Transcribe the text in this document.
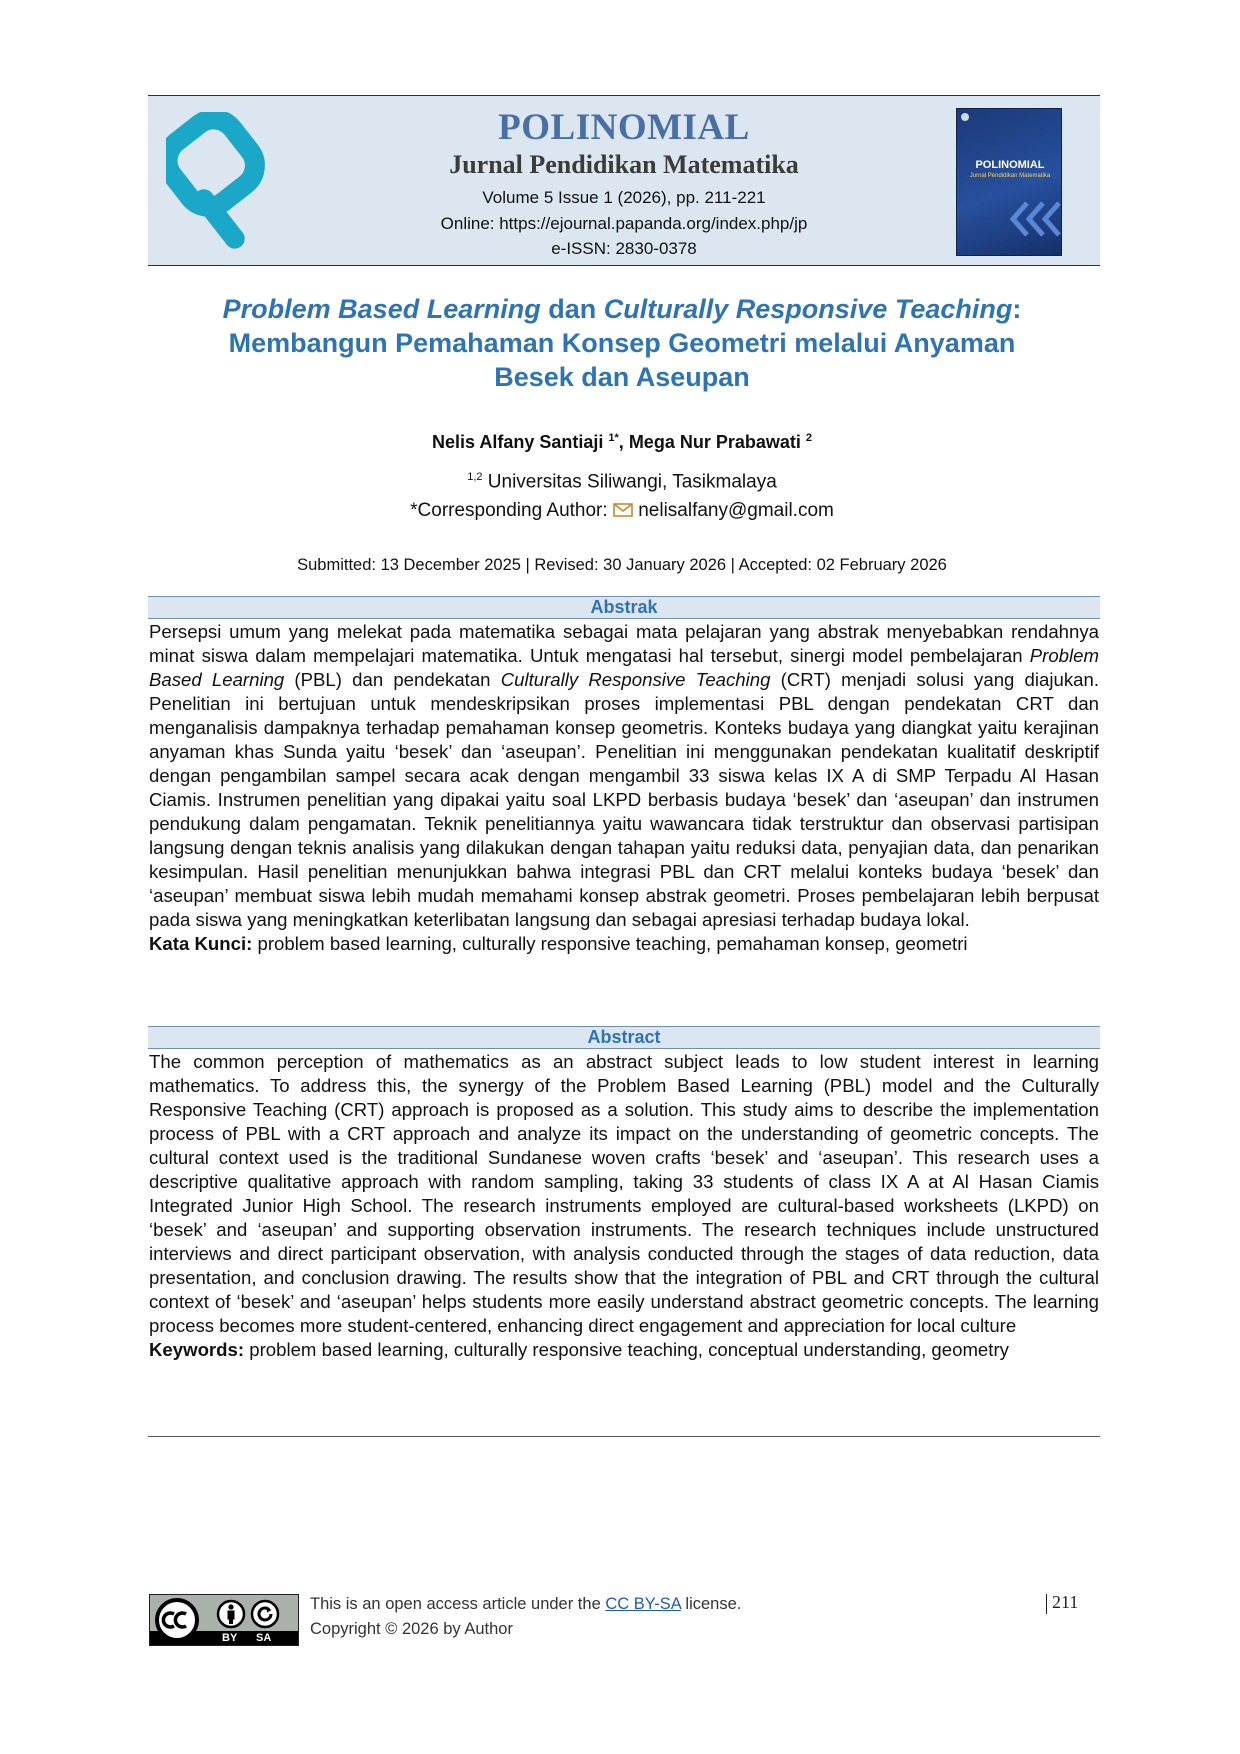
POLINOMIAL
Jurnal Pendidikan Matematika
Volume 5 Issue 1 (2026), pp. 211-221
Online: https://ejournal.papanda.org/index.php/jp
e-ISSN: 2830-0378
POLINOMIAL
Jurnal Pendidikan Matematika
Problem Based Learning dan Culturally Responsive Teaching:
Membangun Pemahaman Konsep Geometri melalui Anyaman
Besek dan Aseupan
Nelis Alfany Santiaji $^{1*}$, Mega Nur Prabawati $^2$
$^{1,2}$ Universitas Siliwangi, Tasikmalaya
*Corresponding Author: nelisalfany@gmail.com
Submitted: 13 December 2025 | Revised: 30 January 2026 | Accepted: 02 February 2026
Abstrak
Persepsi umum yang melekat pada matematika sebagai mata pelajaran yang abstrak menyebabkan rendahnya minat siswa dalam mempelajari matematika. Untuk mengatasi hal tersebut, sinergi model pembelajaran Problem Based Learning (PBL) dan pendekatan Culturally Responsive Teaching (CRT) menjadi solusi yang diajukan. Penelitian ini bertujuan untuk mendeskripsikan proses implementasi PBL dengan pendekatan CRT dan menganalisis dampaknya terhadap pemahaman konsep geometris. Konteks budaya yang diangkat yaitu kerajinan anyaman khas Sunda yaitu ‘besek’ dan ‘aseupan’. Penelitian ini menggunakan pendekatan kualitatif deskriptif dengan pengambilan sampel secara acak dengan mengambil 33 siswa kelas IX A di SMP Terpadu Al Hasan Ciamis. Instrumen penelitian yang dipakai yaitu soal LKPD berbasis budaya ‘besek’ dan ‘aseupan’ dan instrumen pendukung dalam pengamatan. Teknik penelitiannya yaitu wawancara tidak terstruktur dan observasi partisipan langsung dengan teknis analisis yang dilakukan dengan tahapan yaitu reduksi data, penyajian data, dan penarikan kesimpulan. Hasil penelitian menunjukkan bahwa integrasi PBL dan CRT melalui konteks budaya ‘besek’ dan ‘aseupan’ membuat siswa lebih mudah memahami konsep abstrak geometri. Proses pembelajaran lebih berpusat pada siswa yang meningkatkan keterlibatan langsung dan sebagai apresiasi terhadap budaya lokal.
Kata Kunci: problem based learning, culturally responsive teaching, pemahaman konsep, geometri
Abstract
The common perception of mathematics as an abstract subject leads to low student interest in learning mathematics. To address this, the synergy of the Problem Based Learning (PBL) model and the Culturally Responsive Teaching (CRT) approach is proposed as a solution. This study aims to describe the implementation process of PBL with a CRT approach and analyze its impact on the understanding of geometric concepts. The cultural context used is the traditional Sundanese woven crafts ‘besek’ and ‘aseupan’. This research uses a descriptive qualitative approach with random sampling, taking 33 students of class IX A at Al Hasan Ciamis Integrated Junior High School. The research instruments employed are cultural-based worksheets (LKPD) on ‘besek’ and ‘aseupan’ and supporting observation instruments. The research techniques include unstructured interviews and direct participant observation, with analysis conducted through the stages of data reduction, data presentation, and conclusion drawing. The results show that the integration of PBL and CRT through the cultural context of ‘besek’ and ‘aseupan’ helps students more easily understand abstract geometric concepts. The learning process becomes more student-centered, enhancing direct engagement and appreciation for local culture
Keywords: problem based learning, culturally responsive teaching, conceptual understanding, geometry
BY SA
This is an open access article under the CC BY-SA license.
Copyright © 2026 by Author
211
